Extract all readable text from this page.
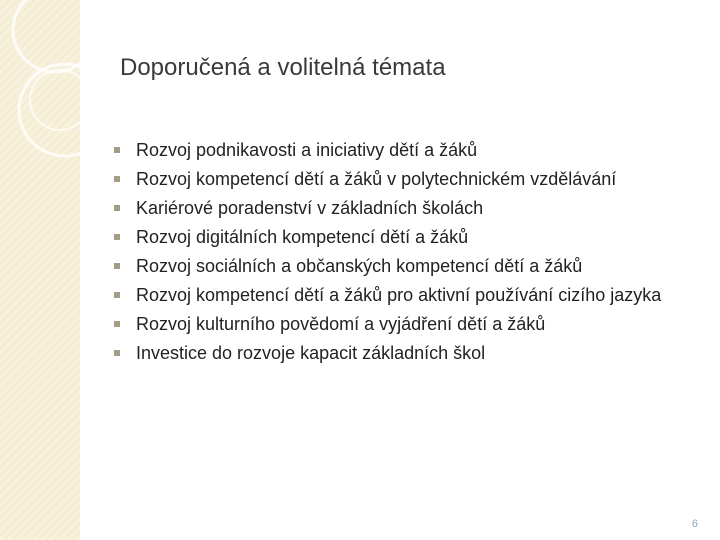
Doporučená a volitelná témata
Rozvoj podnikavosti a iniciativy dětí a žáků
Rozvoj kompetencí dětí a žáků v polytechnickém vzdělávání
Kariérové poradenství v základních školách
Rozvoj digitálních kompetencí dětí a žáků
Rozvoj sociálních a občanských kompetencí dětí a žáků
Rozvoj kompetencí dětí a žáků pro aktivní používání cizího jazyka
Rozvoj kulturního povědomí a vyjádření dětí a žáků
Investice do rozvoje kapacit základních škol
6
